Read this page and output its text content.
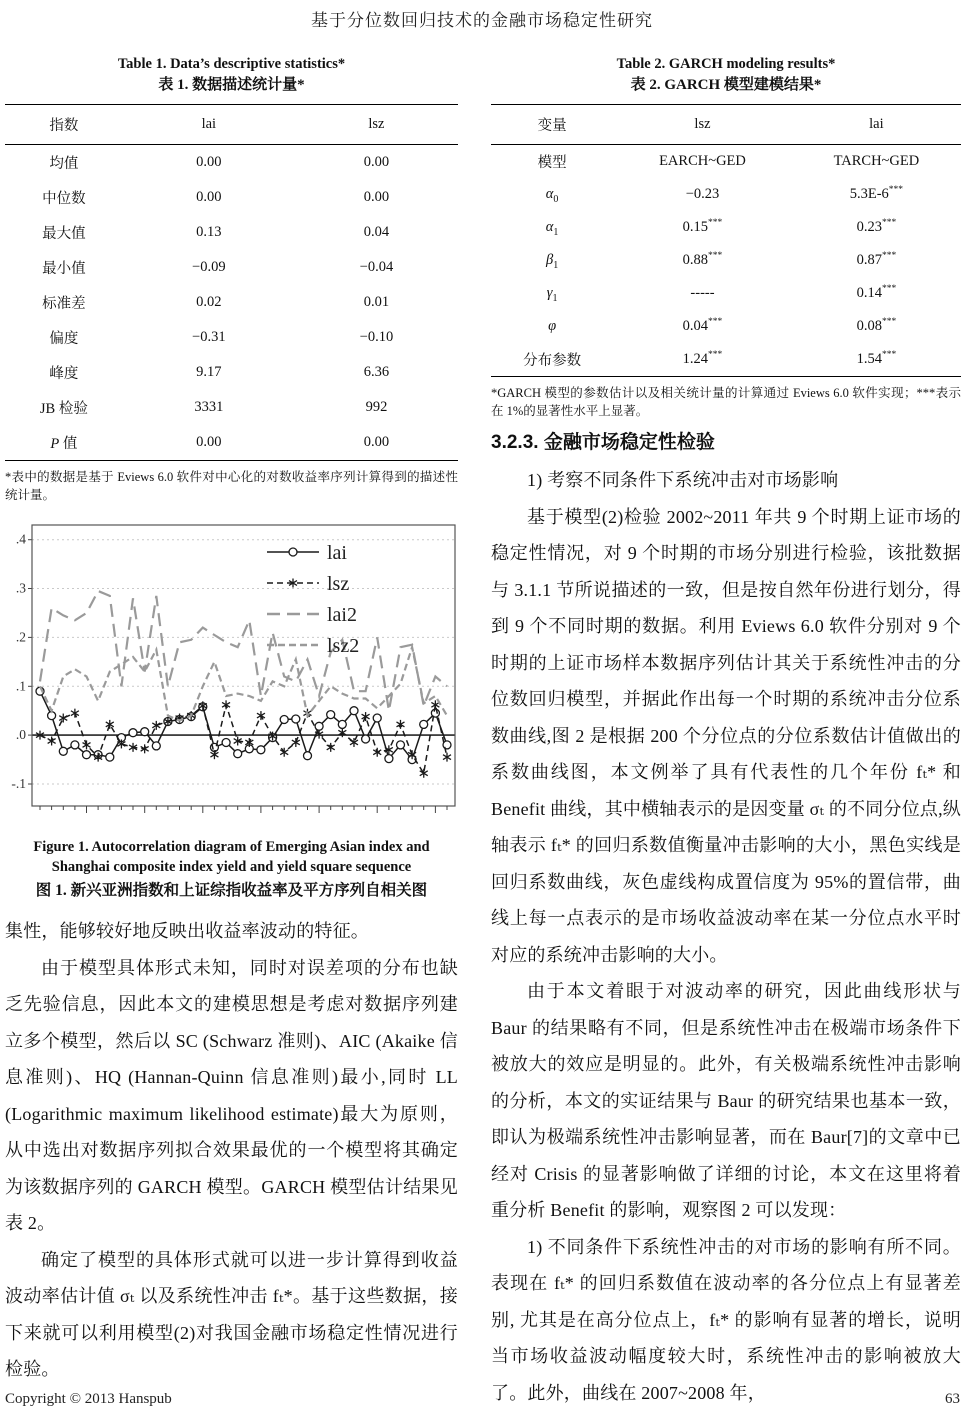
基于分位数回归技术的金融市场稳定性研究
Table 1. Data’s descriptive statistics*
表 1. 数据描述统计量*
指数	lai	lsz
均值	0.00	0.00
中位数	0.00	0.00
最大值	0.13	0.04
最小值	−0.09	−0.04
标准差	0.02	0.01
偏度	−0.31	−0.10
峰度	9.17	6.36
JB 检验	3331	992
P 值	0.00	0.00
*表中的数据是基于 Eviews 6.0 软件对中心化的对数收益率序列计算得到的描述性统计量。
.4
.3
.2
.1
.0
-.1
lai
lsz
lai2
lsz2
Figure 1. Autocorrelation diagram of Emerging Asian index and Shanghai composite index yield and yield square sequence
图 1. 新兴亚洲指数和上证综指收益率及平方序列自相关图

集性，能够较好地反映出收益率波动的特征。

由于模型具体形式未知，同时对误差项的分布也缺乏先验信息，因此本文的建模思想是考虑对数据序列建立多个模型，然后以 SC (Schwarz 准则)、AIC (Akaike 信息准则)、HQ (Hannan-Quinn 信息准则)最小,同时 LL (Logarithmic maximum likelihood estimate)最大为原则，从中选出对数据序列拟合效果最优的一个模型将其确定为该数据序列的 GARCH 模型。GARCH 模型估计结果见表 2。

确定了模型的具体形式就可以进一步计算得到收益波动率估计值 σₜ 以及系统性冲击 fₜ*。基于这些数据，接下来就可以利用模型(2)对我国金融市场稳定性情况进行检验。

Table 2. GARCH modeling results*
表 2. GARCH 模型建模结果*
变量	lsz	lai
模型	EARCH~GED	TARCH~GED
$\alpha_0$	−0.23	5.3E-6***
$\alpha_1$	0.15***	0.23***
$\beta_1$	0.88***	0.87***
$\gamma_1$	-----	0.14***
φ	0.04***	0.08***
分布参数	1.24***	1.54***
*GARCH 模型的参数估计以及相关统计量的计算通过 Eviews 6.0 软件实现；***表示在 1%的显著性水平上显著。
3.2.3. 金融市场稳定性检验

1) 考察不同条件下系统冲击对市场影响

基于模型(2)检验 2002~2011 年共 9 个时期上证市场的稳定性情况，对 9 个时期的市场分别进行检验，该批数据与 3.1.1 节所说描述的一致，但是按自然年份进行划分，得到 9 个不同时期的数据。利用 Eviews 6.0 软件分别对 9 个时期的上证市场样本数据序列估计其关于系统性冲击的分位数回归模型，并据此作出每一个时期的系统冲击分位系数曲线,图 2 是根据 200 个分位点的分位系数估计值做出的系数曲线图，本文例举了具有代表性的几个年份 fₜ* 和 Benefit 曲线，其中横轴表示的是因变量 σₜ 的不同分位点,纵轴表示 fₜ* 的回归系数值衡量冲击影响的大小，黑色实线是回归系数曲线，灰色虚线构成置信度为 95%的置信带，曲线上每一点表示的是市场收益波动率在某一分位点水平时对应的系统冲击影响的大小。

由于本文着眼于对波动率的研究，因此曲线形状与 Baur 的结果略有不同，但是系统性冲击在极端市场条件下被放大的效应是明显的。此外，有关极端系统性冲击影响的分析，本文的实证结果与 Baur 的研究结果也基本一致，即认为极端系统性冲击影响显著，而在 Baur[7]的文章中已经对 Crisis 的显著影响做了详细的讨论，本文在这里将着重分析 Benefit 的影响，观察图 2 可以发现：

1) 不同条件下系统性冲击的对市场的影响有所不同。表现在 fₜ* 的回归系数值在波动率的各分位点上有显著差别, 尤其是在高分位点上，fₜ* 的影响有显著的增长，说明当市场收益波动幅度较大时，系统性冲击的影响被放大了。此外，曲线在 2007~2008 年，

Copyright © 2013 Hanspub	63
